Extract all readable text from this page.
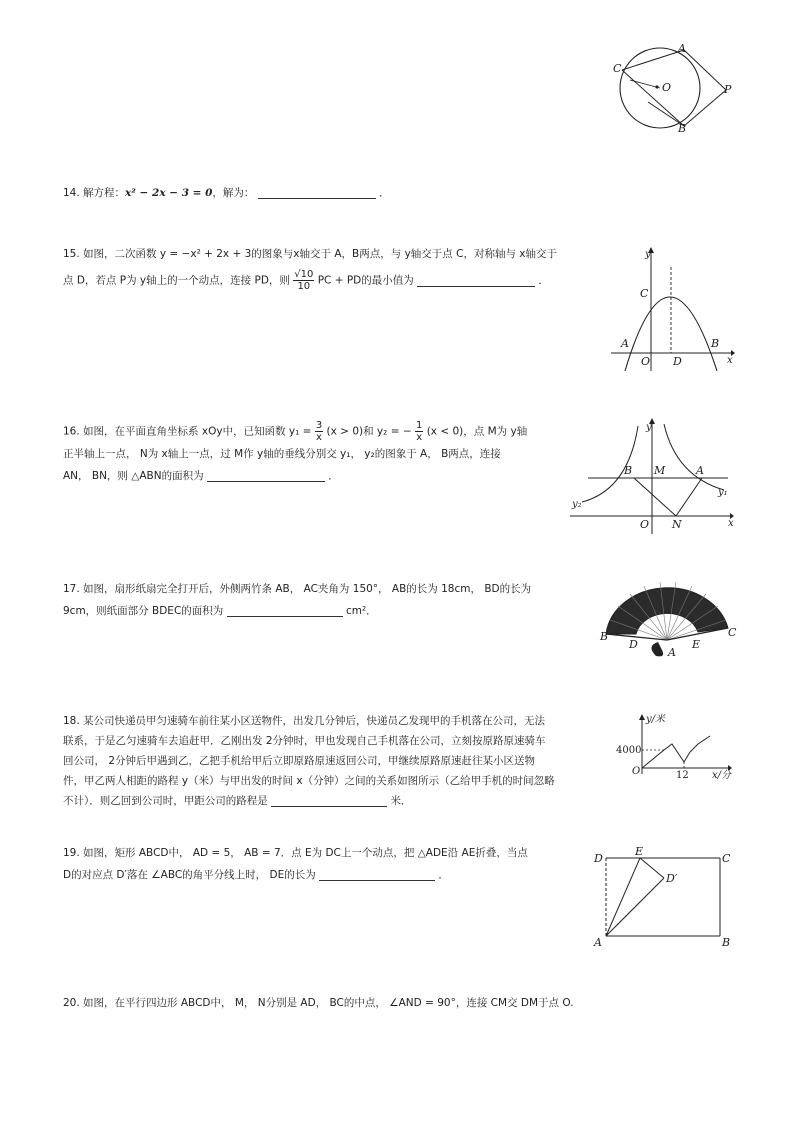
A
B
C
O	P
14. 解方程：x² − 2x − 3 = 0，解为：	．
15. 如图，二次函数 y = −x² + 2x + 3的图象与x轴交于 A，B两点，与 y轴交于点 C，对称轴与 x轴交于
点 D，若点 P为 y轴上的一个动点，连接 PD，则 $\frac{√10}{10}$ PC + PD的最小值为	．
y
x
A	B
C
O D
16. 如图，在平面直角坐标系 xOy中，已知函数 $y_1 = \frac{3}{x} (x > 0)$和 y₂ = − $\frac{1}{x} (x < 0)$，点 M为 y轴
正半轴上一点， N为 x轴上一点，过 M作 y轴的垂线分别交 y₁， y₂的图象于 A， B两点，连接
AN， BN，则 △ABN的面积为	．
y
x
B M	A
y₁
y₂
O N
17. 如图，扇形纸扇完全打开后，外侧两竹条 AB， AC夹角为 150°， AB的长为 18cm， BD的长为
9cm，则纸面部分 BDEC的面积为	cm²．
B	C
D	E
A
18. 某公司快递员甲匀速骑车前往某小区送物件，出发几分钟后，快递员乙发现甲的手机落在公司，无法
联系，于是乙匀速骑车去追赶甲．乙刚出发 2分钟时，甲也发现自己手机落在公司，立刻按原路原速骑车
回公司， 2分钟后甲遇到乙，乙把手机给甲后立即原路原速返回公司，甲继续原路原速赶往某小区送物
件，甲乙两人相距的路程 y（米）与甲出发的时间 x（分钟）之间的关系如图所示（乙给甲手机的时间忽略
不计）．则乙回到公司时，甲距公司的路程是	米．
y/米
x/分
4000
12
O
19. 如图，矩形 ABCD中， AD = 5， AB = 7．点 E为 DC上一个动点，把 △ADE沿 AE折叠，当点
D的对应点 D′落在 ∠ABC的角平分线上时， DE的长为	．
D
E
C
D′
A	B
20. 如图，在平行四边形 ABCD中， M， N分别是 AD， BC的中点， ∠AND = 90°，连接 CM交 DM于点 O.
